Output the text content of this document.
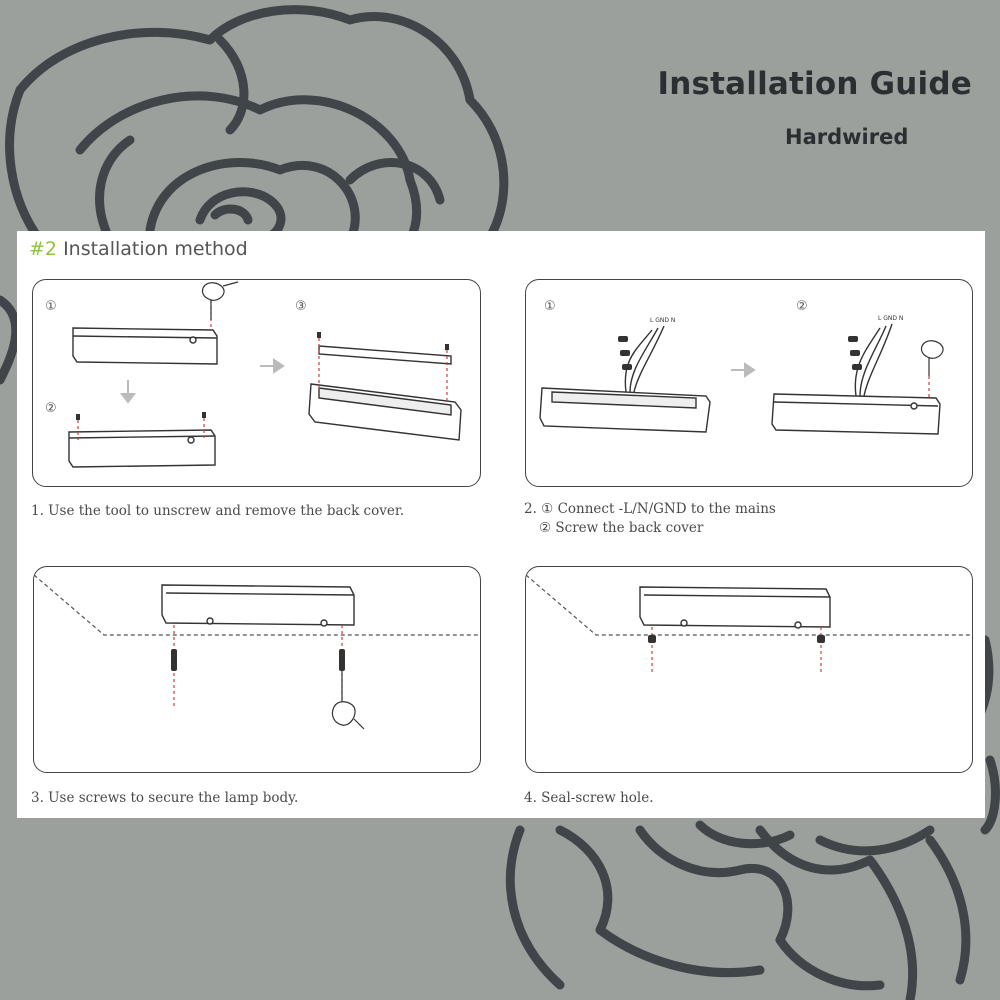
Installation Guide
Hardwired
#2 Installation method
①
②
③
1. Use the tool to unscrew and remove the back cover.
①	②
L GND N	L GND N
2. ① Connect -L/N/GND to the mains
② Screw the back cover
3. Use screws to secure the lamp body.	4. Seal-screw hole.
